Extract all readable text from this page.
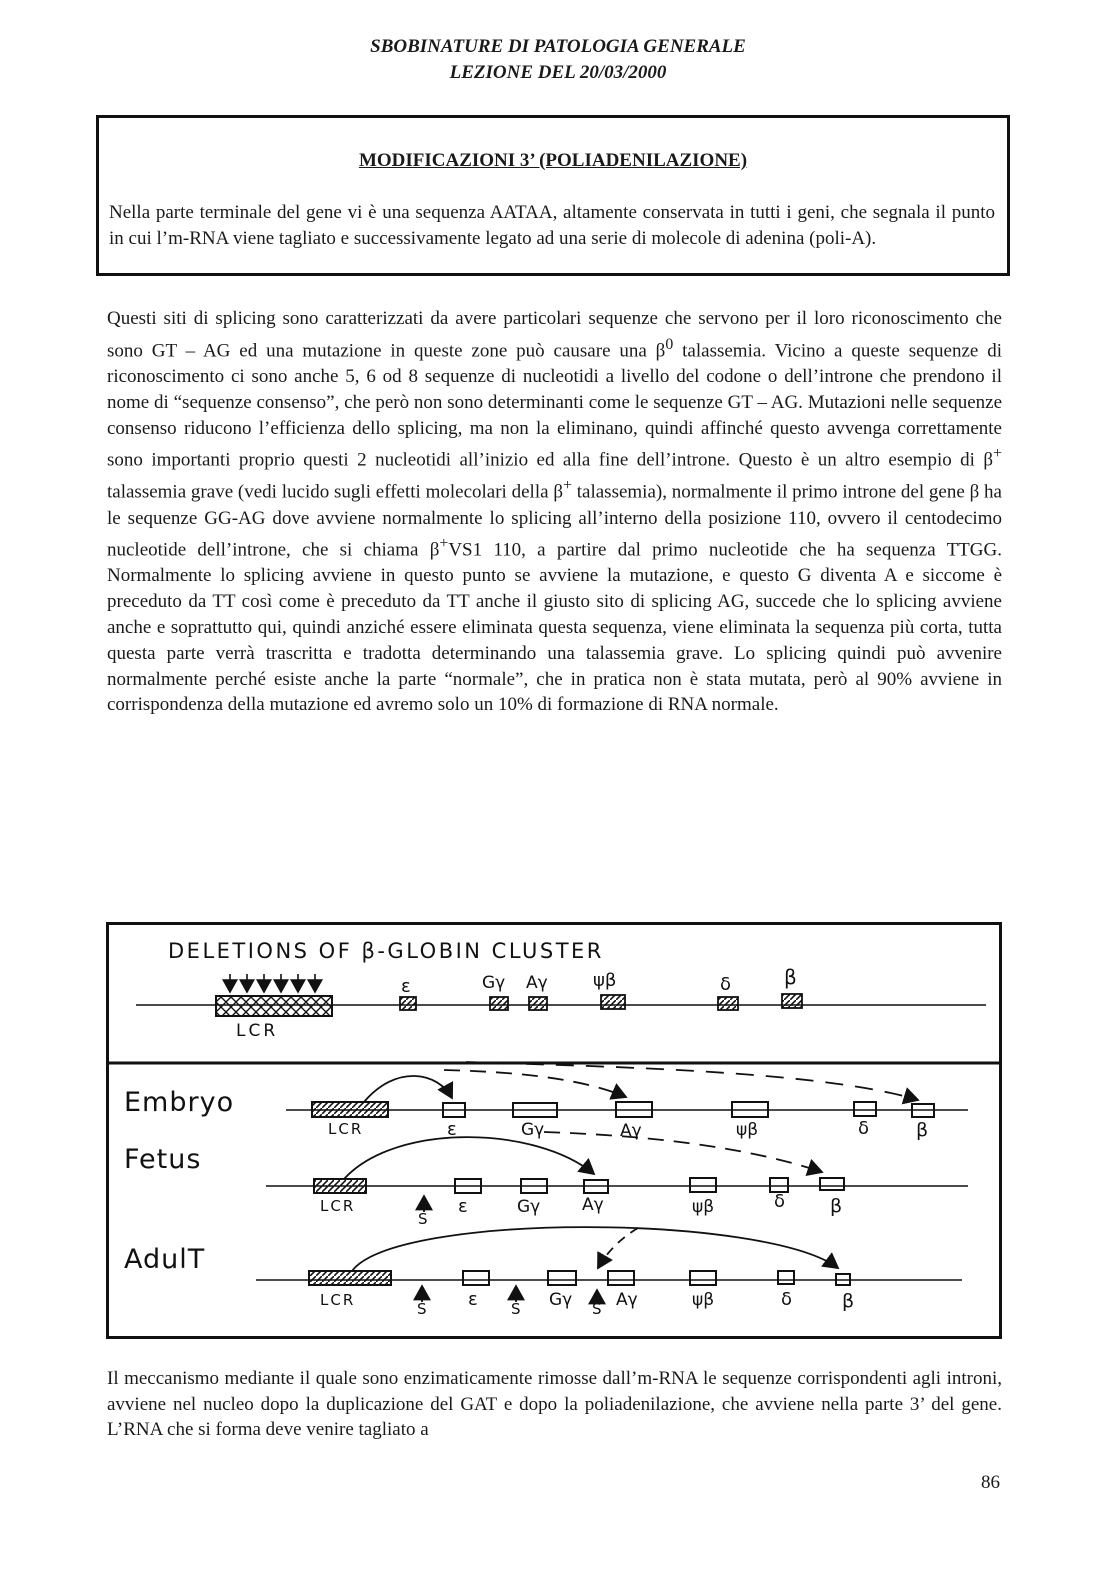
SBOBINATURE DI PATOLOGIA GENERALE
LEZIONE DEL 20/03/2000
MODIFICAZIONI 3’ (POLIADENILAZIONE)

Nella parte terminale del gene vi è una sequenza AATAA, altamente conservata in tutti i geni, che segnala il punto in cui l’m-RNA viene tagliato e successivamente legato ad una serie di molecole di adenina (poli-A).

Questi siti di splicing sono caratterizzati da avere particolari sequenze che servono per il loro riconoscimento che sono GT – AG ed una mutazione in queste zone può causare una $\beta^0$ talassemia. Vicino a queste sequenze di riconoscimento ci sono anche 5, 6 od 8 sequenze di nucleotidi a livello del codone o dell’introne che prendono il nome di “sequenze consenso”, che però non sono determinanti come le sequenze GT – AG. Mutazioni nelle sequenze consenso riducono l’efficienza dello splicing, ma non la eliminano, quindi affinché questo avvenga correttamente sono importanti proprio questi 2 nucleotidi all’inizio ed alla fine dell’introne. Questo è un altro esempio di β+ talassemia grave (vedi lucido sugli effetti molecolari della β+ talassemia), normalmente il primo introne del gene β ha le sequenze GG-AG dove avviene normalmente lo splicing all’interno della posizione 110, ovvero il centodecimo nucleotide dell’introne, che si chiama β+VS1 110, a partire dal primo nucleotide che ha sequenza TTGG. Normalmente lo splicing avviene in questo punto se avviene la mutazione, e questo G diventa A e siccome è preceduto da TT così come è preceduto da TT anche il giusto sito di splicing AG, succede che lo splicing avviene anche e soprattutto qui, quindi anziché essere eliminata questa sequenza, viene eliminata la sequenza più corta, tutta questa parte verrà trascritta e tradotta determinando una talassemia grave. Lo splicing quindi può avvenire normalmente perché esiste anche la parte “normale”, che in pratica non è stata mutata, però al 90% avviene in corrispondenza della mutazione ed avremo solo un 10% di formazione di RNA normale.

DELETIONS OF β-GLOBIN CLUSTER
LCR
ε	Gγ Aγ	ψβ	δ	β
Embryo
LCR	ε	Gγ	Aγ	ψβ	δ β
Fetus
LCR
S
ε	Gγ Aγ	ψβ	δ β
AdulT
LCR	S ε S Gγ S Aγ	ψβ	δ	β

Il meccanismo mediante il quale sono enzimaticamente rimosse dall’m-RNA le sequenze corrispondenti agli introni, avviene nel nucleo dopo la duplicazione del GAT e dopo la poliadenilazione, che avviene nella parte 3’ del gene. L’RNA che si forma deve venire tagliato a

86
